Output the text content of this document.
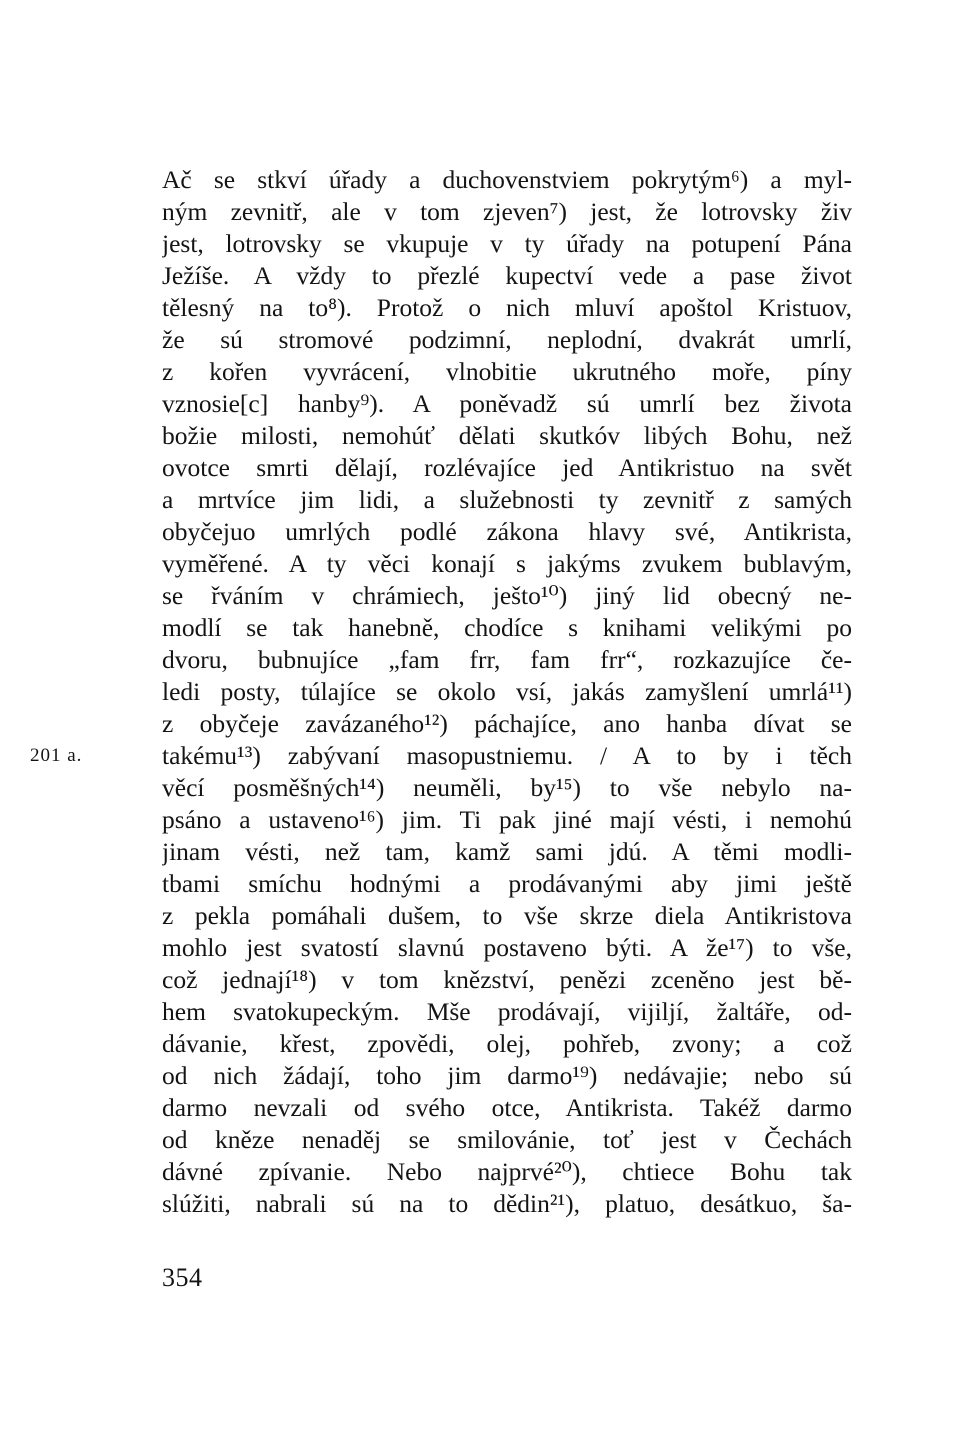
201 a.
Ač se stkví úřady a duchovenstviem pokrytým⁶) a myl-
ným zevnitř, ale v tom zjeven⁷) jest, že lotrovsky živ
jest, lotrovsky se vkupuje v ty úřady na potupení Pána
Ježíše. A vždy to přezlé kupectví vede a pase život
tělesný na to⁸). Protož o nich mluví apoštol Kristuov,
že sú stromové podzimní, neplodní, dvakrát umrlí,
z kořen vyvrácení, vlnobitie ukrutného moře, píny
vznosie[c] hanby⁹). A poněvadž sú umrlí bez života
božie milosti, nemohúť dělati skutkóv libých Bohu, než
ovotce smrti dělají, rozlévajíce jed Antikristuo na svět
a mrtvíce jim lidi, a služebnosti ty zevnitř z samých
obyčejuo umrlých podlé zákona hlavy své, Antikrista,
vyměřené. A ty věci konají s jakýms zvukem bublavým,
se řváním v chrámiech, ješto¹⁰) jiný lid obecný ne-
modlí se tak hanebně, chodíce s knihami velikými po
dvoru, bubnujíce „fam frr, fam frr“, rozkazujíce če-
ledi posty, túlajíce se okolo vsí, jakás zamyšlení umrlá¹¹)
z obyčeje zavázaného¹²) páchajíce, ano hanba dívat se
takému¹³) zabývaní masopustniemu. / A to by i těch
věcí posměšných¹⁴) neuměli, by¹⁵) to vše nebylo na-
psáno a ustaveno¹⁶) jim. Ti pak jiné mají vésti, i nemohú
jinam vésti, než tam, kamž sami jdú. A těmi modli-
tbami smíchu hodnými a prodávanými aby jimi ještě
z pekla pomáhali dušem, to vše skrze diela Antikristova
mohlo jest svatostí slavnú postaveno býti. A že¹⁷) to vše,
což jednají¹⁸) v tom knězství, penězi zceněno jest bě-
hem svatokupeckým. Mše prodávají, vijiljí, žaltáře, od-
dávanie, křest, zpovědi, olej, pohřeb, zvony; a což
od nich žádají, toho jim darmo¹⁹) nedávajie; nebo sú
darmo nevzali od svého otce, Antikrista. Takéž darmo
od kněze nenaděj se smilovánie, toť jest v Čechách
dávné zpívanie. Nebo najprvé²⁰), chtiece Bohu tak
slúžiti, nabrali sú na to dědin²¹), platuo, desátkuo, ša-
354
